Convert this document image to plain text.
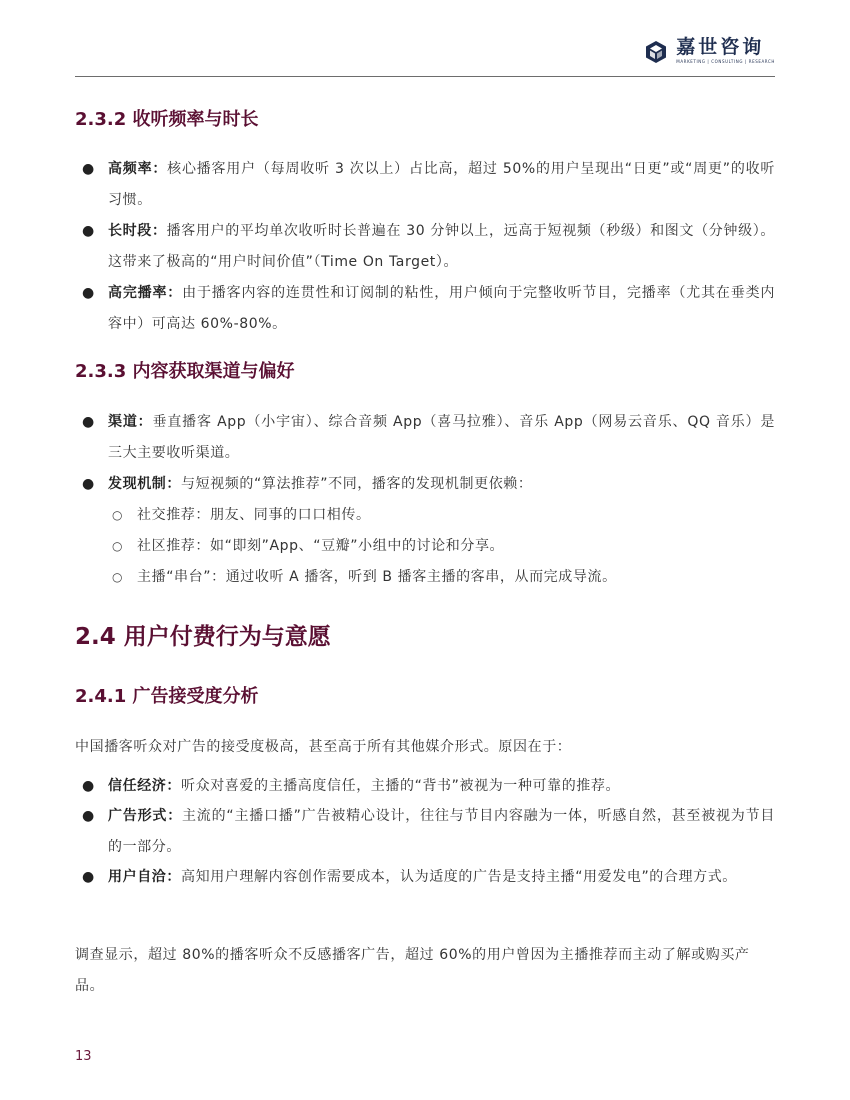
嘉世咨询
MARKETING | CONSULTING | RESEARCH
2.3.2 收听频率与时长
● 高频率：核心播客用户（每周收听 3 次以上）占比高，超过 50%的用户呈现出“日更”或“周更”的收听习惯。
● 长时段：播客用户的平均单次收听时长普遍在 30 分钟以上，远高于短视频（秒级）和图文（分钟级）。这带来了极高的“用户时间价值”（Time On Target）。
● 高完播率：由于播客内容的连贯性和订阅制的粘性，用户倾向于完整收听节目，完播率（尤其在垂类内容中）可高达 60%-80%。
2.3.3 内容获取渠道与偏好
● 渠道：垂直播客 App（小宇宙）、综合音频 App（喜马拉雅）、音乐 App（网易云音乐、QQ 音乐）是三大主要收听渠道。
● 发现机制：与短视频的“算法推荐”不同，播客的发现机制更依赖：
○ 社交推荐：朋友、同事的口口相传。
○ 社区推荐：如“即刻”App、“豆瓣”小组中的讨论和分享。
○ 主播“串台”：通过收听 A 播客，听到 B 播客主播的客串，从而完成导流。
2.4 用户付费行为与意愿
2.4.1 广告接受度分析

中国播客听众对广告的接受度极高，甚至高于所有其他媒介形式。原因在于：

● 信任经济：听众对喜爱的主播高度信任，主播的“背书”被视为一种可靠的推荐。
● 广告形式：主流的“主播口播”广告被精心设计，往往与节目内容融为一体，听感自然，甚至被视为节目的一部分。
● 用户自洽：高知用户理解内容创作需要成本，认为适度的广告是支持主播“用爱发电”的合理方式。

调查显示，超过 80%的播客听众不反感播客广告，超过 60%的用户曾因为主播推荐而主动了解或购买产品。

13
